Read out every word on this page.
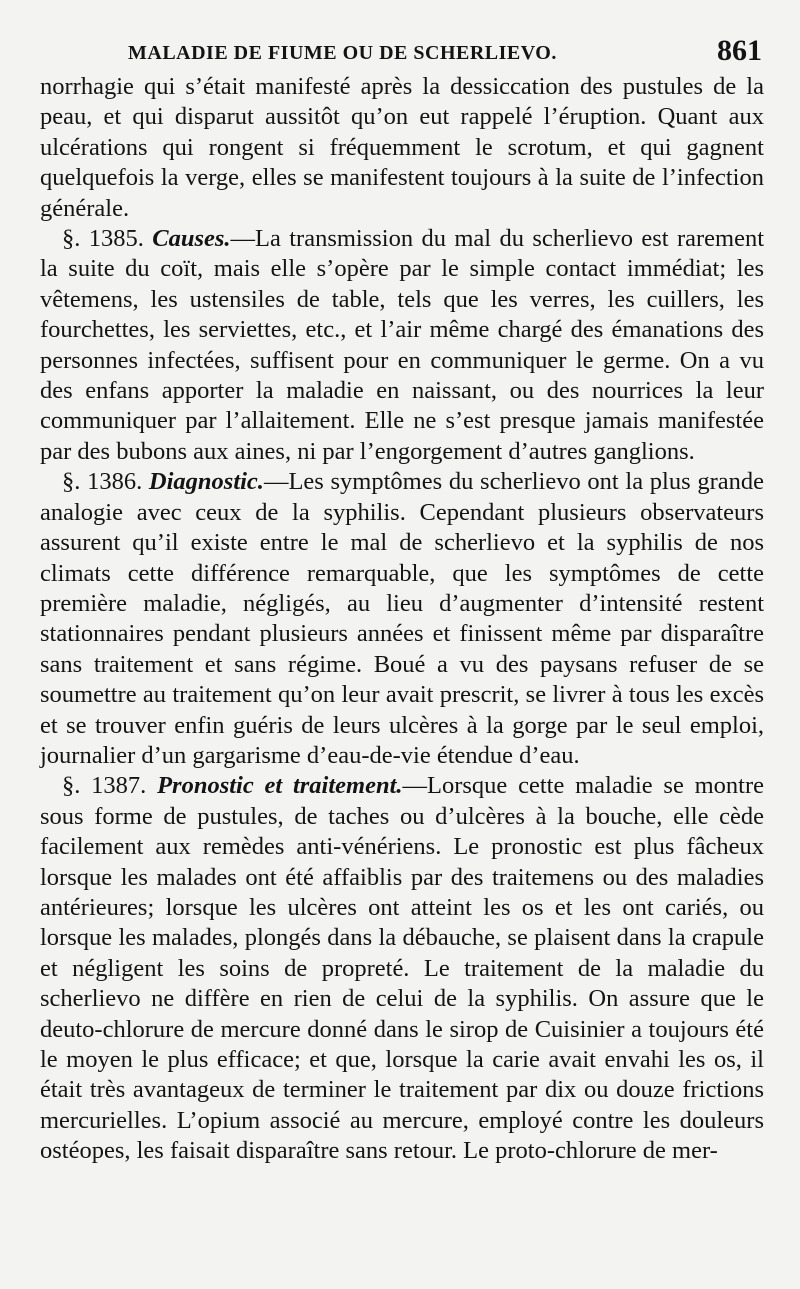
MALADIE DE FIUME OU DE SCHERLIEVO.	861

norrhagie qui s’était manifesté après la dessiccation des pustules de la peau, et qui disparut aussitôt qu’on eut rappelé l’éruption. Quant aux ulcérations qui rongent si fréquemment le scrotum, et qui gagnent quelquefois la verge, elles se manifestent toujours à la suite de l’infection générale.

§. 1385. Causes.—La transmission du mal du scherlievo est rarement la suite du coït, mais elle s’opère par le simple contact immédiat; les vêtemens, les ustensiles de table, tels que les verres, les cuillers, les fourchettes, les serviettes, etc., et l’air même chargé des émanations des personnes infectées, suffisent pour en communiquer le germe. On a vu des enfans apporter la maladie en naissant, ou des nourrices la leur communiquer par l’allaitement. Elle ne s’est presque jamais manifestée par des bubons aux aines, ni par l’engorgement d’autres ganglions.

§. 1386. Diagnostic.—Les symptômes du scherlievo ont la plus grande analogie avec ceux de la syphilis. Cependant plusieurs observateurs assurent qu’il existe entre le mal de scherlievo et la syphilis de nos climats cette différence remarquable, que les symptômes de cette première maladie, négligés, au lieu d’augmenter d’intensité restent stationnaires pendant plusieurs années et finissent même par disparaître sans traitement et sans régime. Boué a vu des paysans refuser de se soumettre au traitement qu’on leur avait prescrit, se livrer à tous les excès et se trouver enfin guéris de leurs ulcères à la gorge par le seul emploi, journalier d’un gargarisme d’eau-de-vie étendue d’eau.

§. 1387. Pronostic et traitement.—Lorsque cette maladie se montre sous forme de pustules, de taches ou d’ulcères à la bouche, elle cède facilement aux remèdes anti-vénériens. Le pronostic est plus fâcheux lorsque les malades ont été affaiblis par des traitemens ou des maladies antérieures; lorsque les ulcères ont atteint les os et les ont cariés, ou lorsque les malades, plongés dans la débauche, se plaisent dans la crapule et négligent les soins de propreté. Le traitement de la maladie du scherlievo ne diffère en rien de celui de la syphilis. On assure que le deuto-chlorure de mercure donné dans le sirop de Cuisinier a toujours été le moyen le plus efficace; et que, lorsque la carie avait envahi les os, il était très avantageux de terminer le traitement par dix ou douze frictions mercurielles. L’opium associé au mercure, employé contre les douleurs ostéopes, les faisait disparaître sans retour. Le proto-chlorure de mer-
